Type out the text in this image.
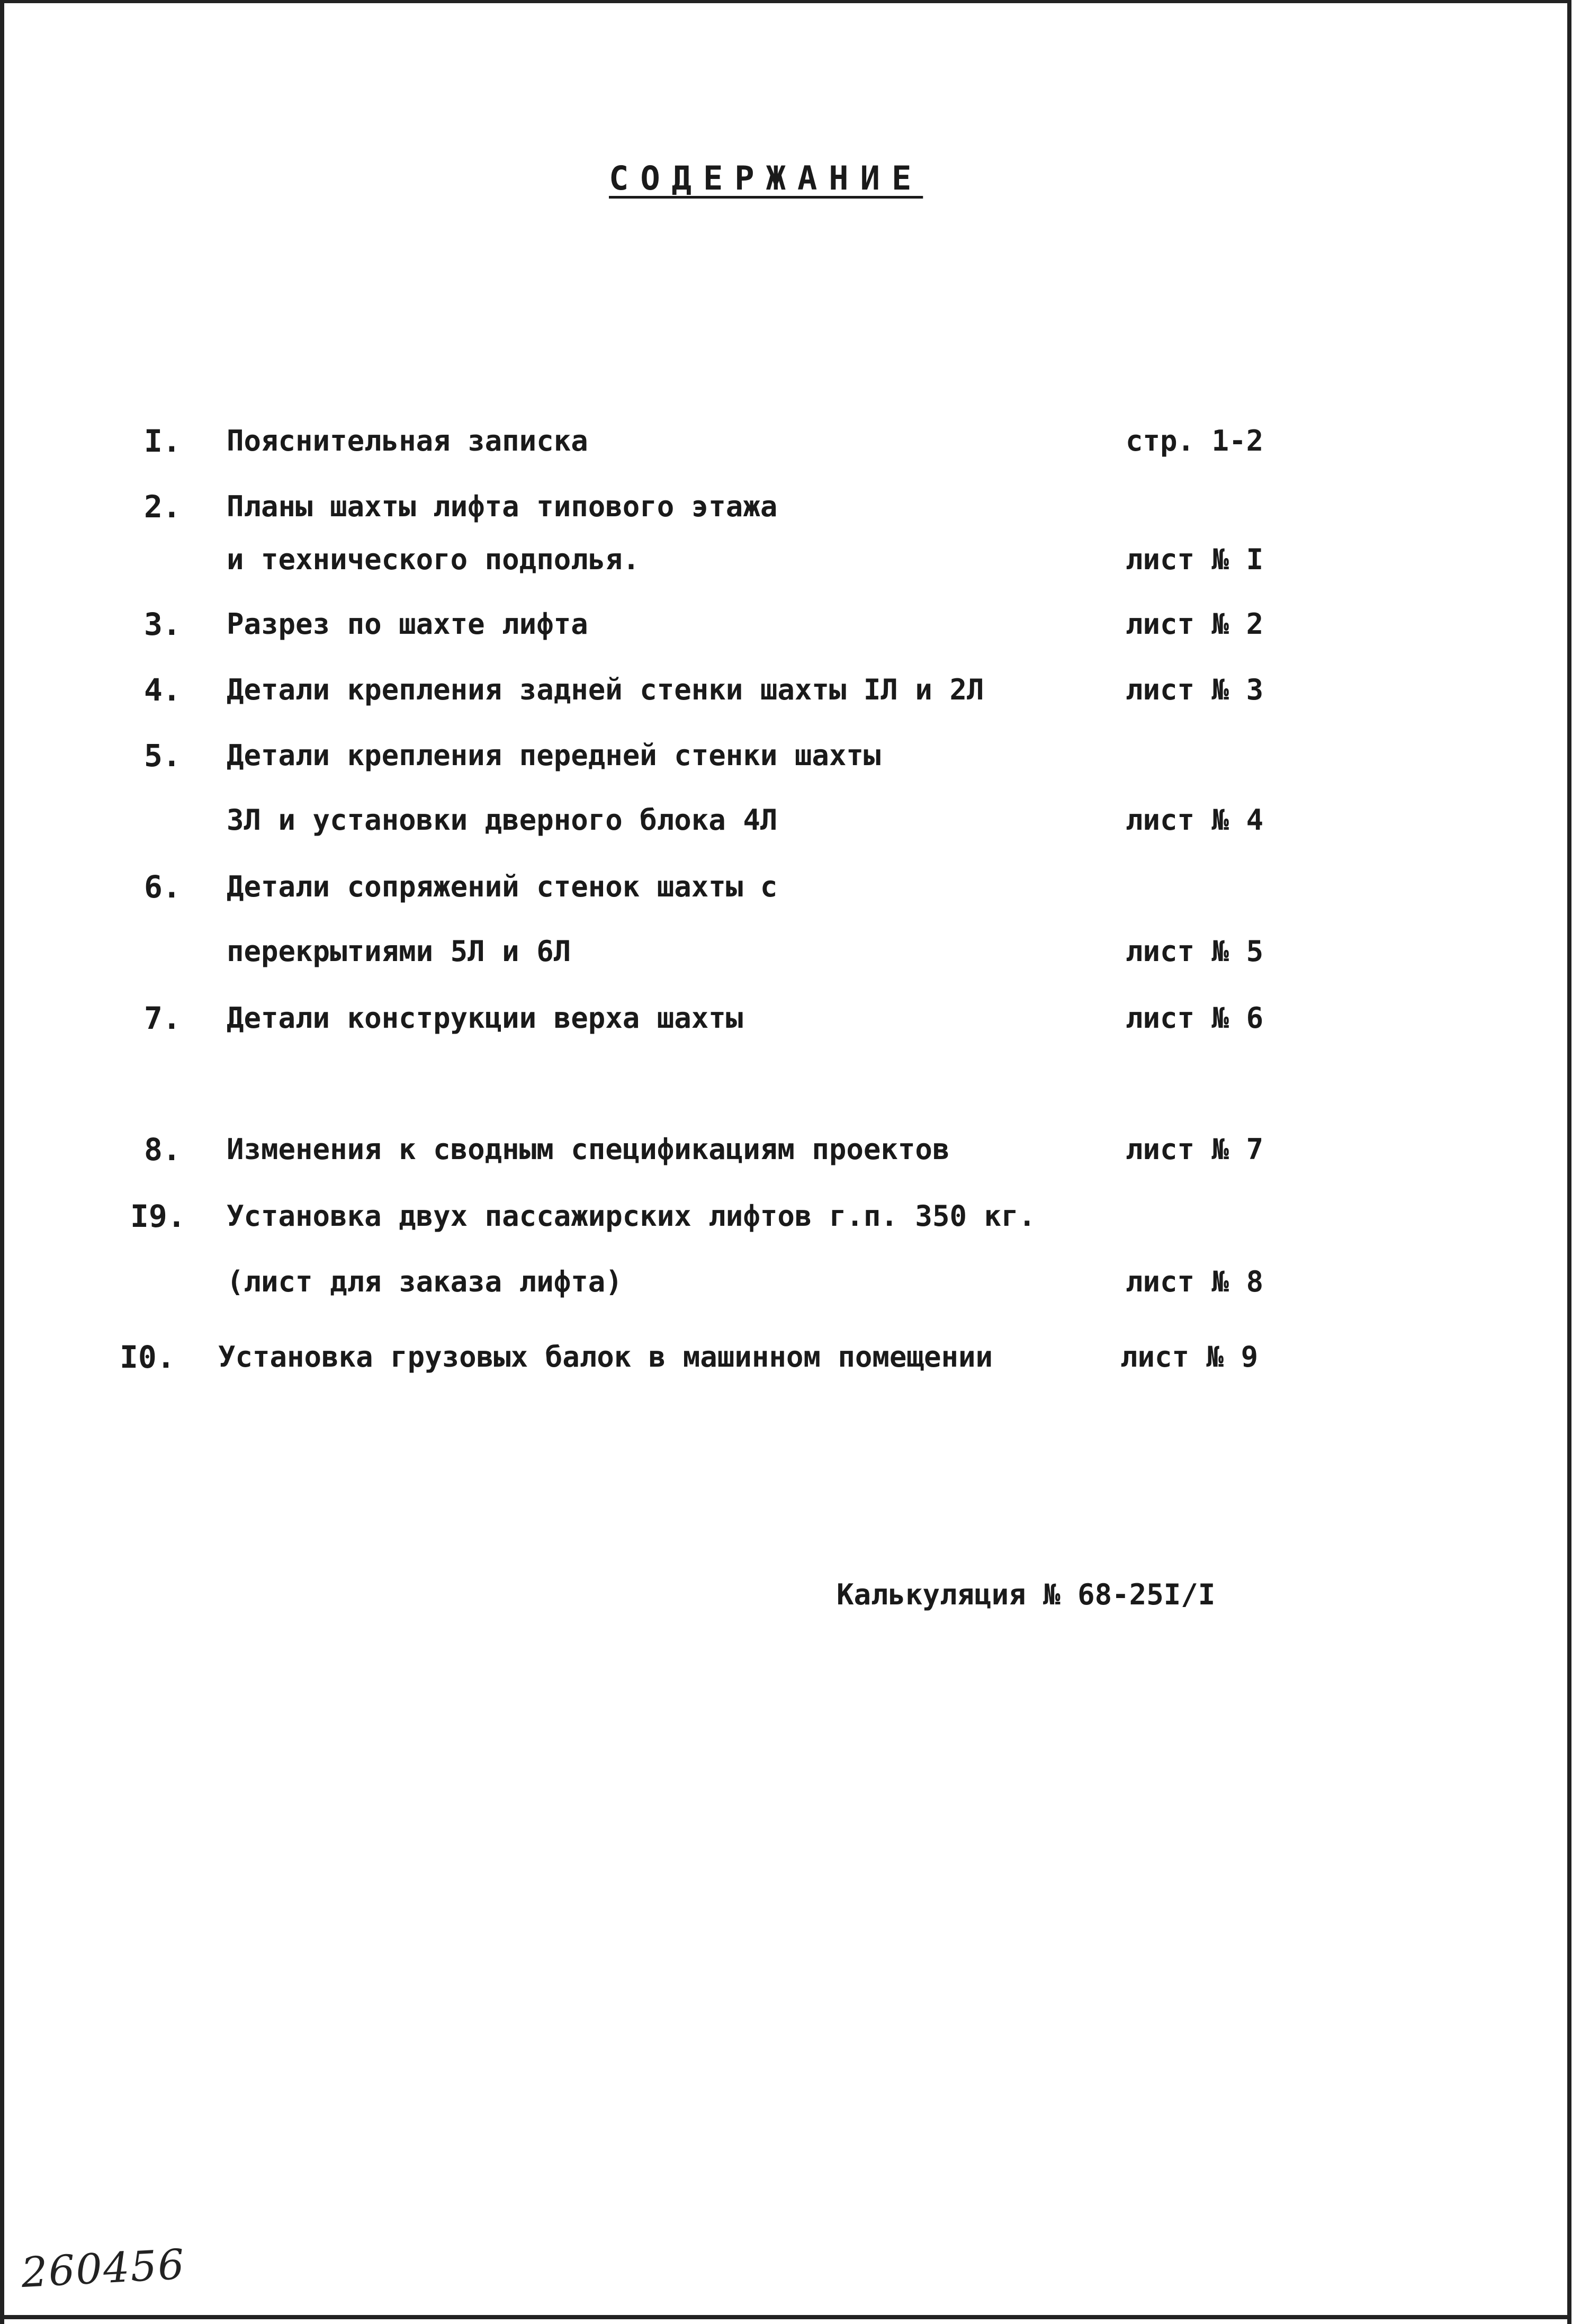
СОДЕРЖАНИЕ
I. Пояснительная записка	стр. 1-2
2. Планы шахты лифта типового этажа
и технического подполья.	лист № I
3. Разрез по шахте лифта	лист № 2
4. Детали крепления задней стенки шахты IЛ и 2Л	лист № 3
5. Детали крепления передней стенки шахты
3Л и установки дверного блока 4Л	лист № 4
6. Детали сопряжений стенок шахты с
перекрытиями 5Л и 6Л	лист № 5
7. Детали конструкции верха шахты	лист № 6
8. Изменения к сводным спецификациям проектов	лист № 7
I9. Установка двух пассажирских лифтов г.п. 350 кг.
(лист для заказа лифта)	лист № 8
I0. Установка грузовых балок в машинном помещении	лист № 9
Калькуляция № 68-25I/I
260456
